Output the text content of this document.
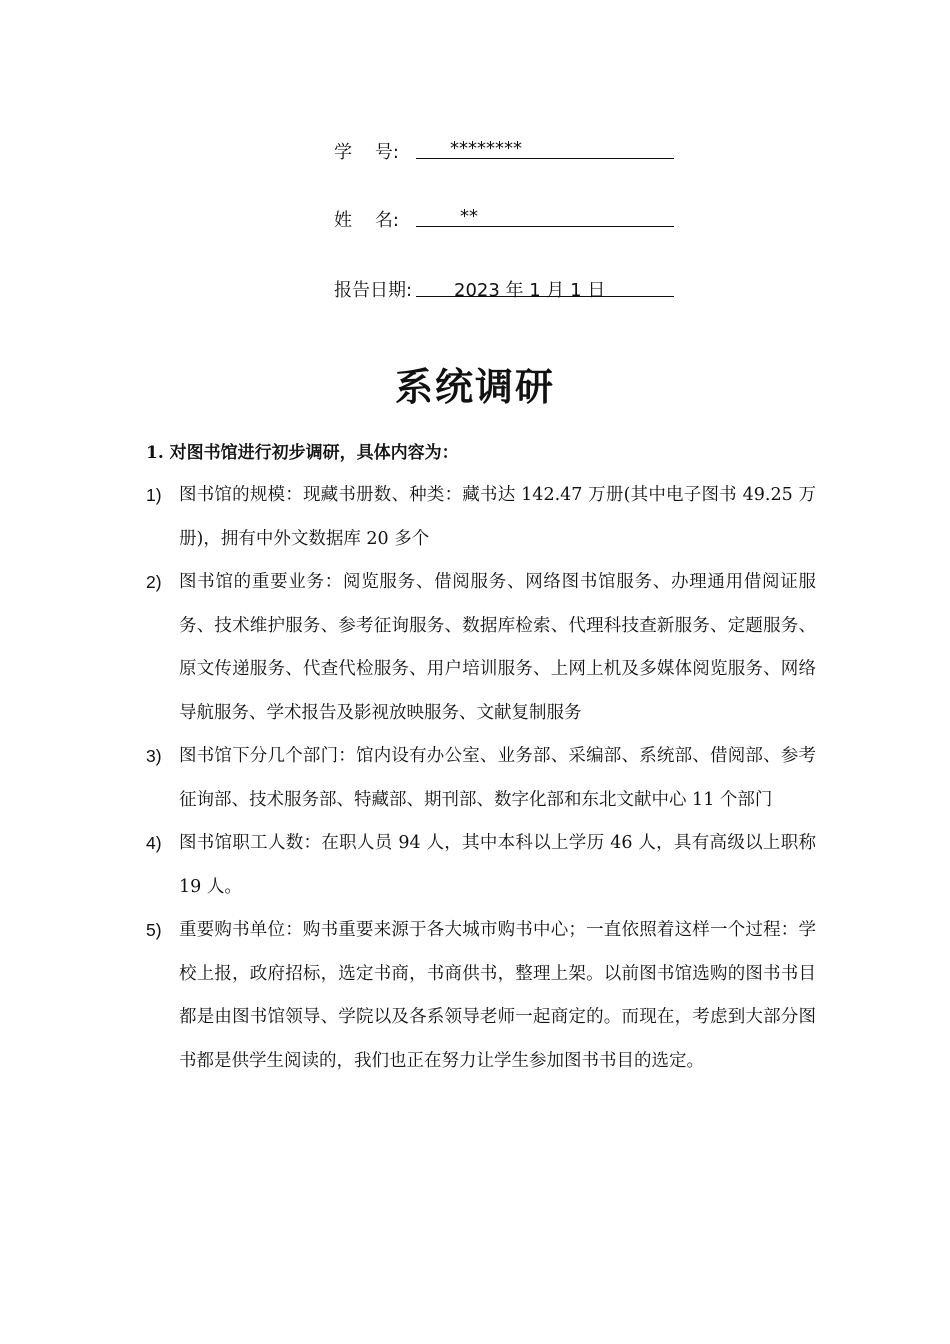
学    号:	********
姓    名:	**
报告日期: 2023 年 1 月 1 日
系统调研
1. 对图书馆进行初步调研，具体内容为：
1) 图书馆的规模：现藏书册数、种类：藏书达 142.47 万册(其中电子图书 49.25 万册)，拥有中外文数据库 20 多个
2) 图书馆的重要业务：阅览服务、借阅服务、网络图书馆服务、办理通用借阅证服务、技术维护服务、参考征询服务、数据库检索、代理科技查新服务、定题服务、原文传递服务、代查代检服务、用户培训服务、上网上机及多媒体阅览服务、网络导航服务、学术报告及影视放映服务、文献复制服务
3) 图书馆下分几个部门：馆内设有办公室、业务部、采编部、系统部、借阅部、参考征询部、技术服务部、特藏部、期刊部、数字化部和东北文献中心 11 个部门
4) 图书馆职工人数：在职人员 94 人，其中本科以上学历 46 人，具有高级以上职称 19 人。
5) 重要购书单位：购书重要来源于各大城市购书中心；一直依照着这样一个过程：学校上报，政府招标，选定书商，书商供书，整理上架。以前图书馆选购的图书书目都是由图书馆领导、学院以及各系领导老师一起商定的。而现在，考虑到大部分图书都是供学生阅读的，我们也正在努力让学生参加图书书目的选定。
